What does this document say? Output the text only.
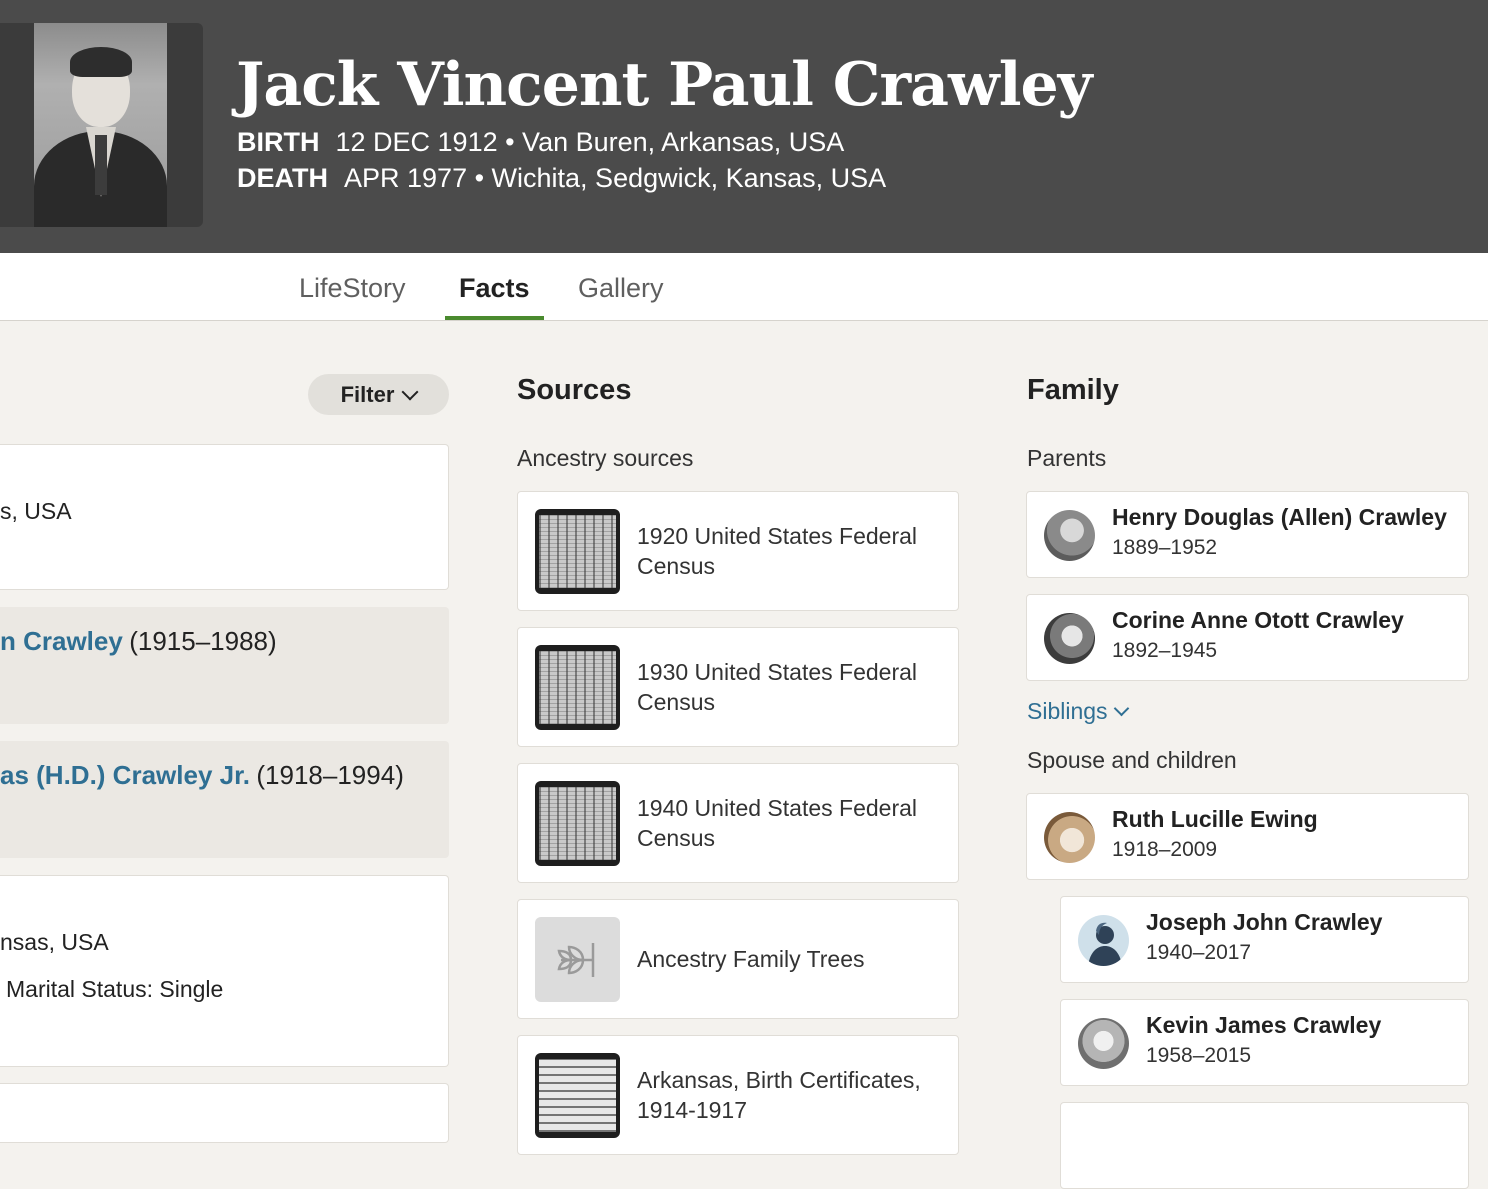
Jack Vincent Paul Crawley
BIRTH 12 DEC 1912 • Van Buren, Arkansas, USA
DEATH APR 1977 • Wichita, Sedgwick, Kansas, USA
LifeStory	Facts	Gallery
Filter
s, USA
n Crawley (1915–1988)
as (H.D.) Crawley Jr. (1918–1994)
nsas, USA
Marital Status: Single
Sources
Ancestry sources
1920 United States Federal Census
1930 United States Federal Census
1940 United States Federal Census
Ancestry Family Trees
Arkansas, Birth Certificates, 1914-1917
Family
Parents
Henry Douglas (Allen) Crawley
1889–1952
Corine Anne Otott Crawley
1892–1945
Siblings
Spouse and children
Ruth Lucille Ewing
1918–2009
Joseph John Crawley
1940–2017
Kevin James Crawley
1958–2015
